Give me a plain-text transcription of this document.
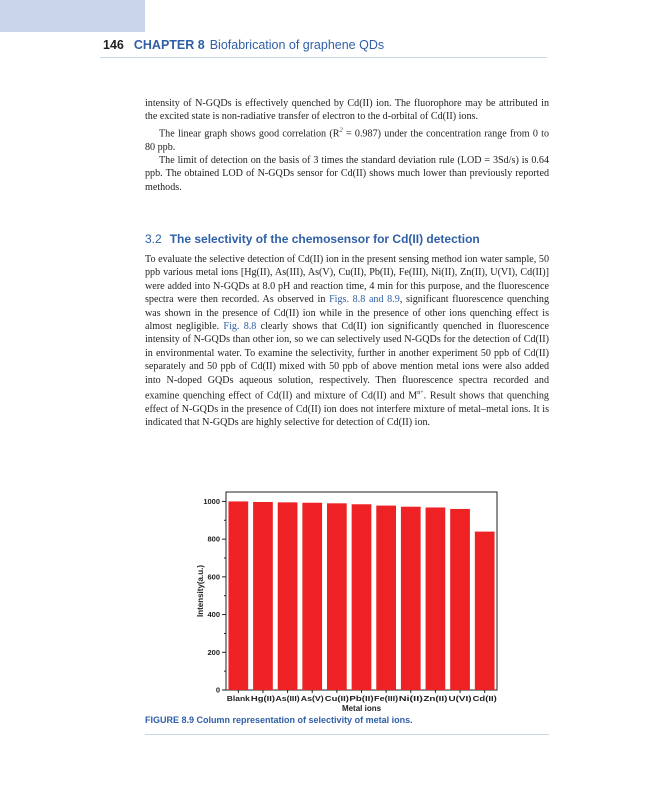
146 CHAPTER 8 Biofabrication of graphene QDs

intensity of N-GQDs is effectively quenched by Cd(II) ion. The fluorophore may be attributed in the excited state is non-radiative transfer of electron to the d-orbital of Cd(II) ions.

The linear graph shows good correlation $(R^2 = 0.987)$ under the concentration range from 0 to 80 ppb.

The limit of detection on the basis of 3 times the standard deviation rule (LOD = 3Sd/s) is 0.64 ppb. The obtained LOD of N-GQDs sensor for Cd(II) shows much lower than previously reported methods.

3.2 The selectivity of the chemosensor for Cd(II) detection

To evaluate the selective detection of Cd(II) ion in the present sensing method ion water sample, 50 ppb various metal ions [Hg(II), As(III), As(V), Cu(II), Pb(II), Fe(III), Ni(II), Zn(II), U(VI), Cd(II)] were added into N-GQDs at 8.0 pH and reaction time, 4 min for this purpose, and the fluorescence spectra were then recorded. As observed in Figs. 8.8 and 8.9, significant fluorescence quenching was shown in the presence of Cd(II) ion while in the presence of other ions quenching effect is almost negligible. Fig. 8.8 clearly shows that Cd(II) ion significantly quenched in fluorescence intensity of N-GQDs than other ion, so we can selectively used N-GQDs for the detection of Cd(II) in environmental water. To examine the selectivity, further in another experiment 50 ppb of Cd(II) separately and 50 ppb of Cd(II) mixed with 50 ppb of above mention metal ions were also added into N-doped GQDs aqueous solution, respectively. Then fluorescence spectra recorded and examine quenching effect of Cd(II) and mixture of Cd(II) and $M^{n+}$. Result shows that quenching effect of N-GQDs in the presence of Cd(II) ion does not interfere mixture of metal–metal ions. It is indicated that N-GQDs are highly selective for detection of Cd(II) ion.

0
200
400
600
800
1000
Blank Hg(II) As(III) As(V) Cu(II) Pb(II) Fe(III) Ni(II) Zn(II) U(VI) Cd(II)
Metal ions
Intensity(a.u.)
FIGURE 8.9 Column representation of selectivity of metal ions.
